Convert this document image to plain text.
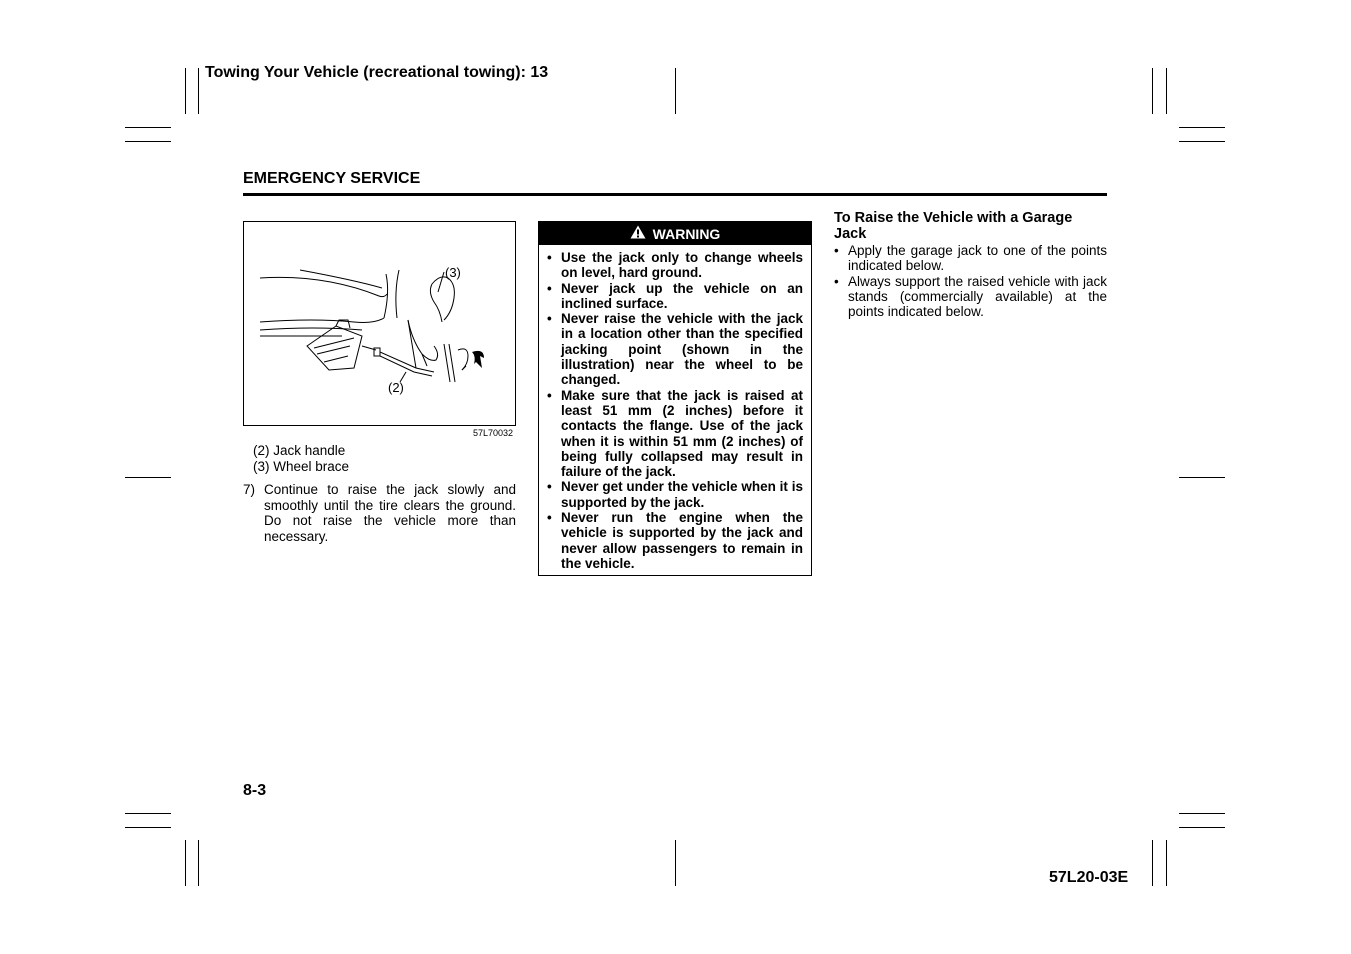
Towing Your Vehicle (recreational towing): 13
EMERGENCY SERVICE
(3)
(2)
57L70032
(2) Jack handle
(3) Wheel brace
7) Continue to raise the jack slowly and smoothly until the tire clears the ground. Do not raise the vehicle more than necessary.
WARNING
• Use the jack only to change wheels on level, hard ground.
• Never jack up the vehicle on an inclined surface.
• Never raise the vehicle with the jack in a location other than the specified jacking point (shown in the illustration) near the wheel to be changed.
• Make sure that the jack is raised at least 51 mm (2 inches) before it contacts the flange. Use of the jack when it is within 51 mm (2 inches) of being fully collapsed may result in failure of the jack.
• Never get under the vehicle when it is supported by the jack.
• Never run the engine when the vehicle is supported by the jack and never allow passengers to remain in the vehicle.
To Raise the Vehicle with a Garage Jack
• Apply the garage jack to one of the points indicated below.
• Always support the raised vehicle with jack stands (commercially available) at the points indicated below.
8-3
57L20-03E
